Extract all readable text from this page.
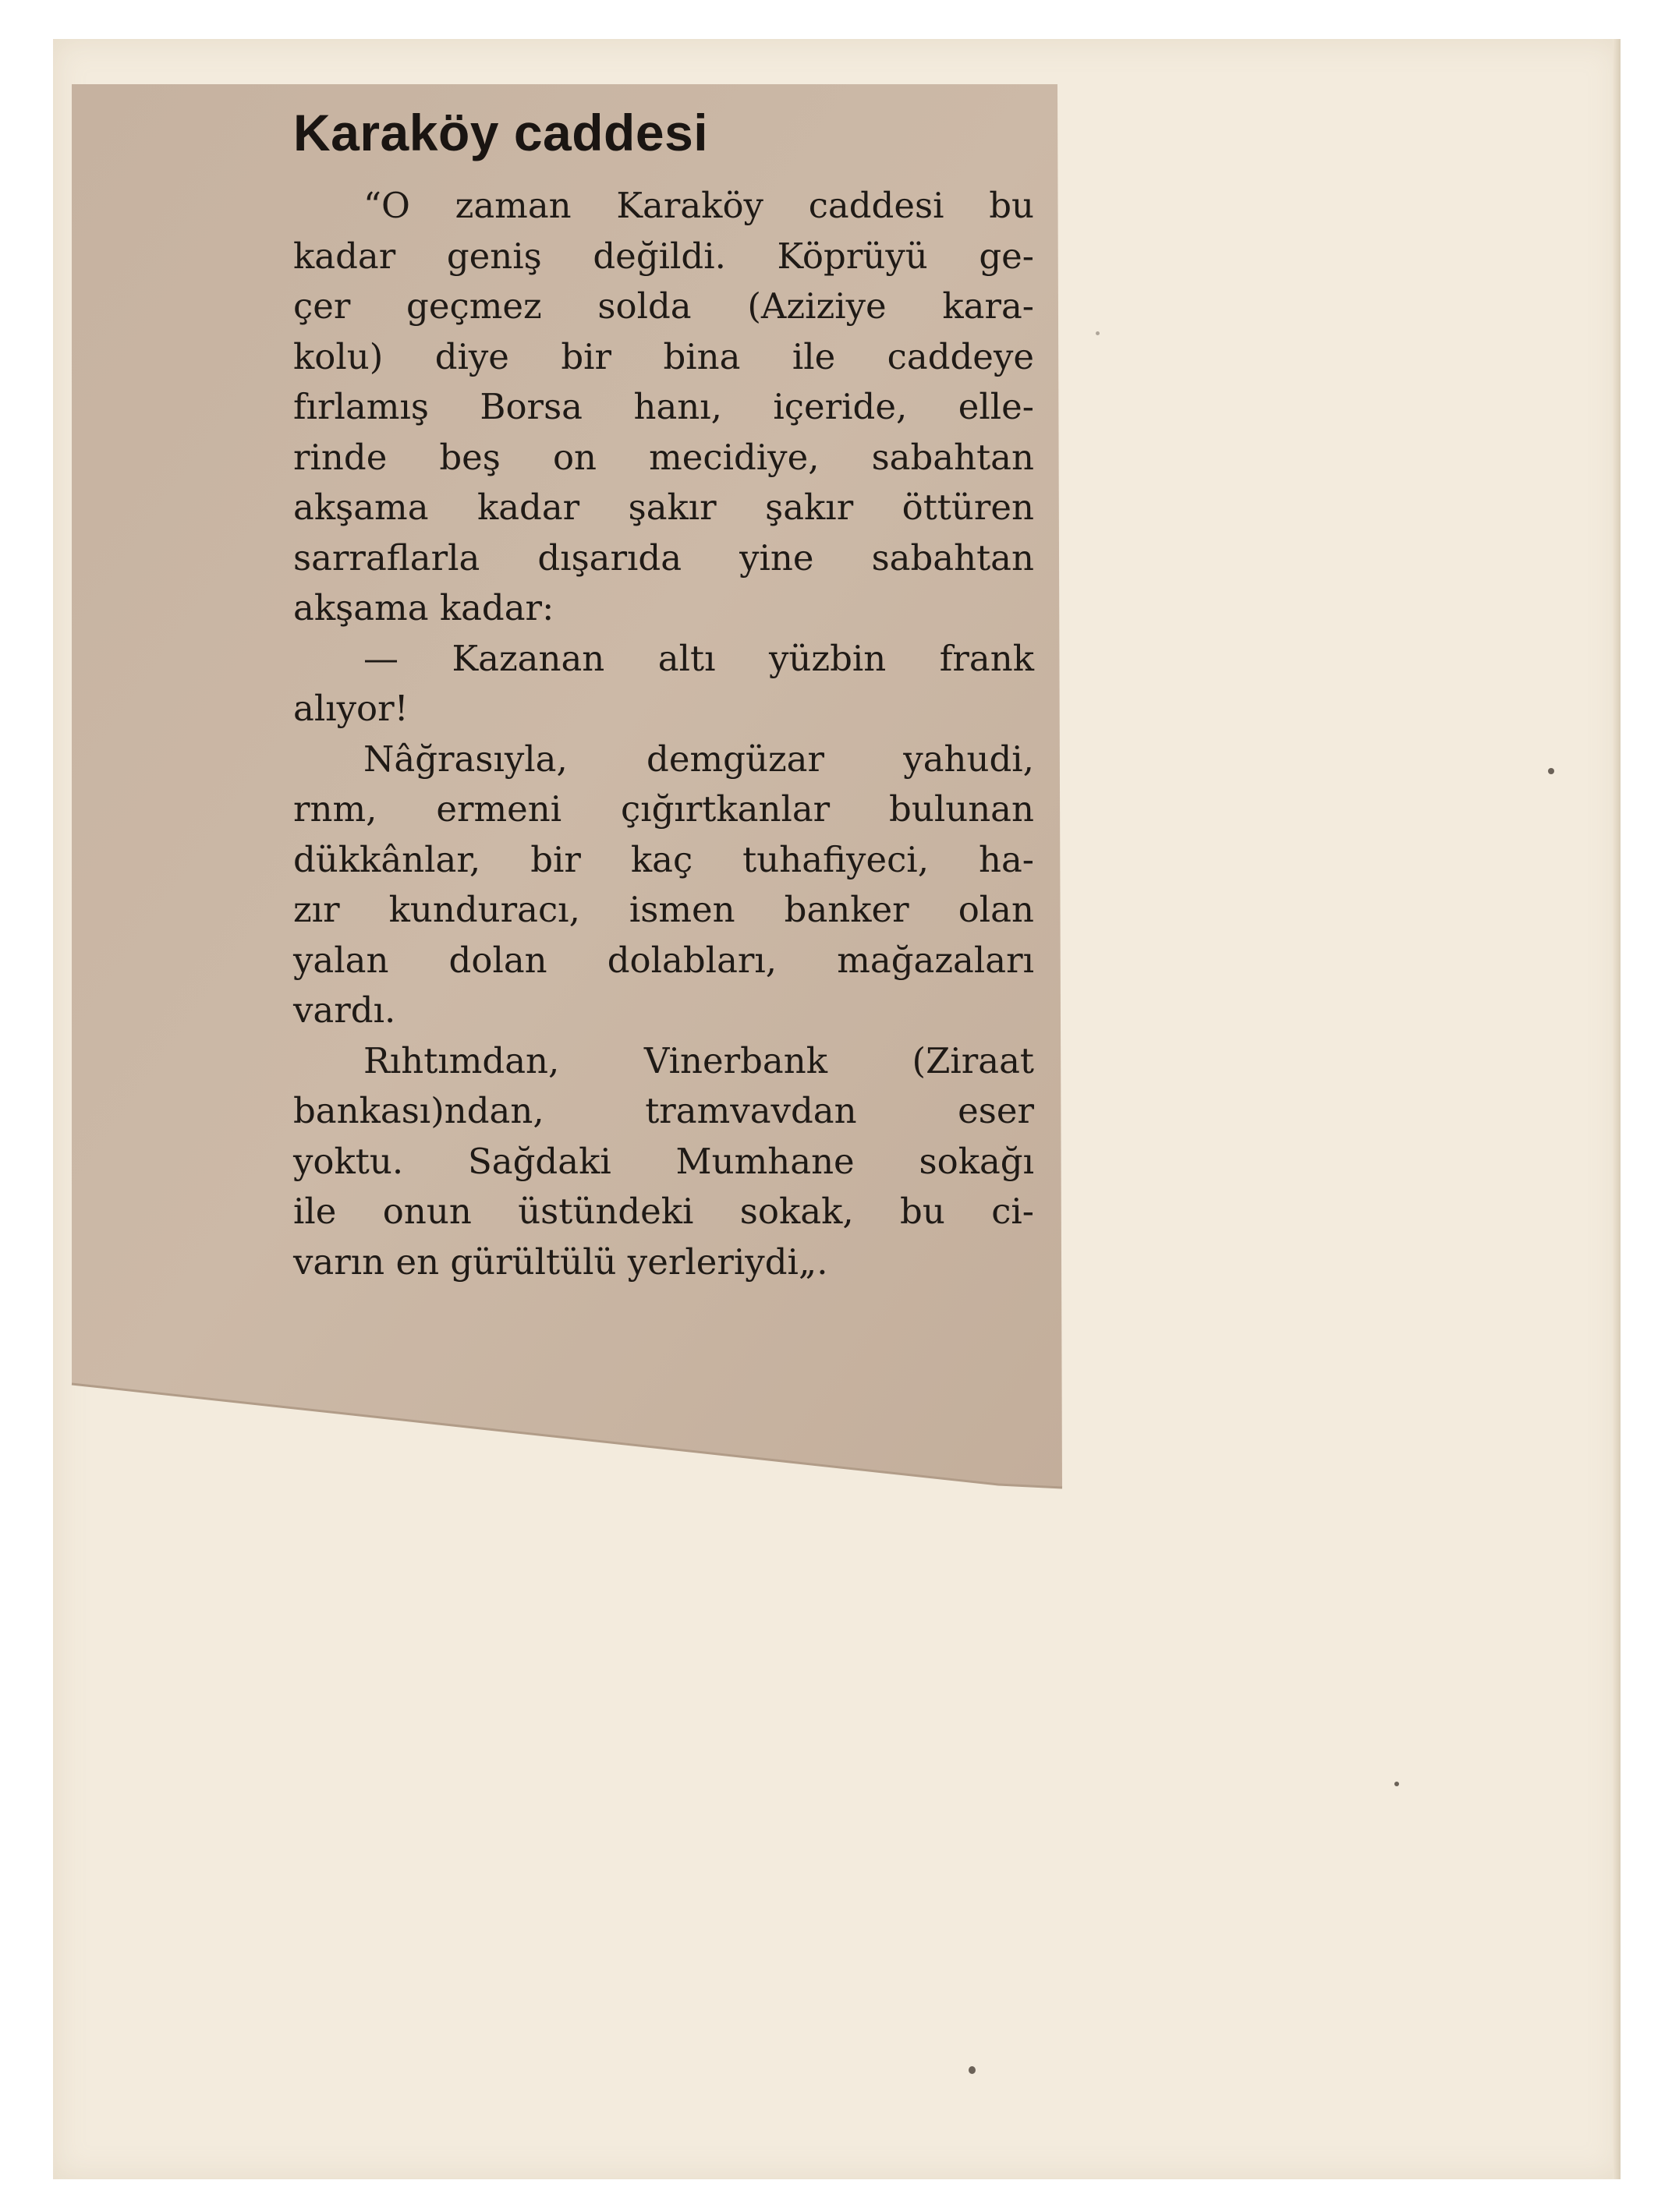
Karaköy caddesi
“O zaman Karaköy caddesi bu
kadar geniş değildi. Köprüyü ge-
çer geçmez solda (Aziziye kara-
kolu) diye bir bina ile caddeye
fırlamış Borsa hanı, içeride, elle-
rinde beş on mecidiye, sabahtan
akşama kadar şakır şakır öttüren
sarraflarla dışarıda yine sabahtan
akşama kadar:
— Kazanan altı yüzbin frank
alıyor!
Nâğrasıyla, demgüzar yahudi,
rnm, ermeni çığırtkanlar bulunan
dükkânlar, bir kaç tuhafiyeci, ha-
zır kunduracı, ismen banker olan
yalan dolan dolabları, mağazaları
vardı.
Rıhtımdan, Vinerbank (Ziraat
bankası)ndan, tramvavdan eser
yoktu. Sağdaki Mumhane sokağı
ile onun üstündeki sokak, bu ci-
varın en gürültülü yerleriydi„.
